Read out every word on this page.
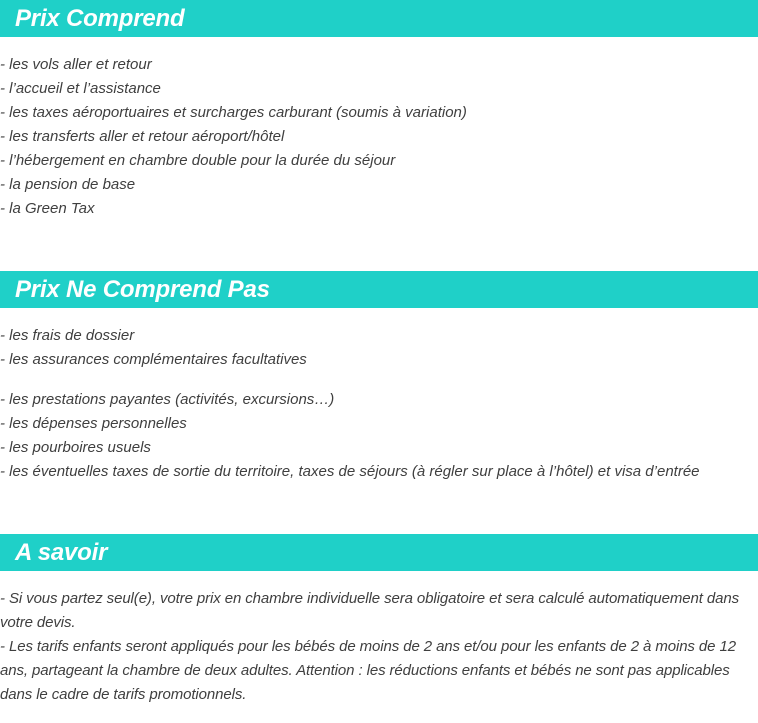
Prix Comprend
- les vols aller et retour
- l’accueil et l’assistance
- les taxes aéroportuaires et surcharges carburant (soumis à variation)
- les transferts aller et retour aéroport/hôtel
- l’hébergement en chambre double pour la durée du séjour
- la pension de base
- la Green Tax
Prix Ne Comprend Pas
- les frais de dossier
- les assurances complémentaires facultatives
- les prestations payantes (activités, excursions…)
- les dépenses personnelles
- les pourboires usuels
- les éventuelles taxes de sortie du territoire, taxes de séjours (à régler sur place à l’hôtel) et visa d’entrée
A savoir

- Si vous partez seul(e), votre prix en chambre individuelle sera obligatoire et sera calculé automatiquement dans votre devis.

- Les tarifs enfants seront appliqués pour les bébés de moins de 2 ans et/ou pour les enfants de 2 à moins de 12 ans, partageant la chambre de deux adultes. Attention : les réductions enfants et bébés ne sont pas applicables dans le cadre de tarifs promotionnels.
